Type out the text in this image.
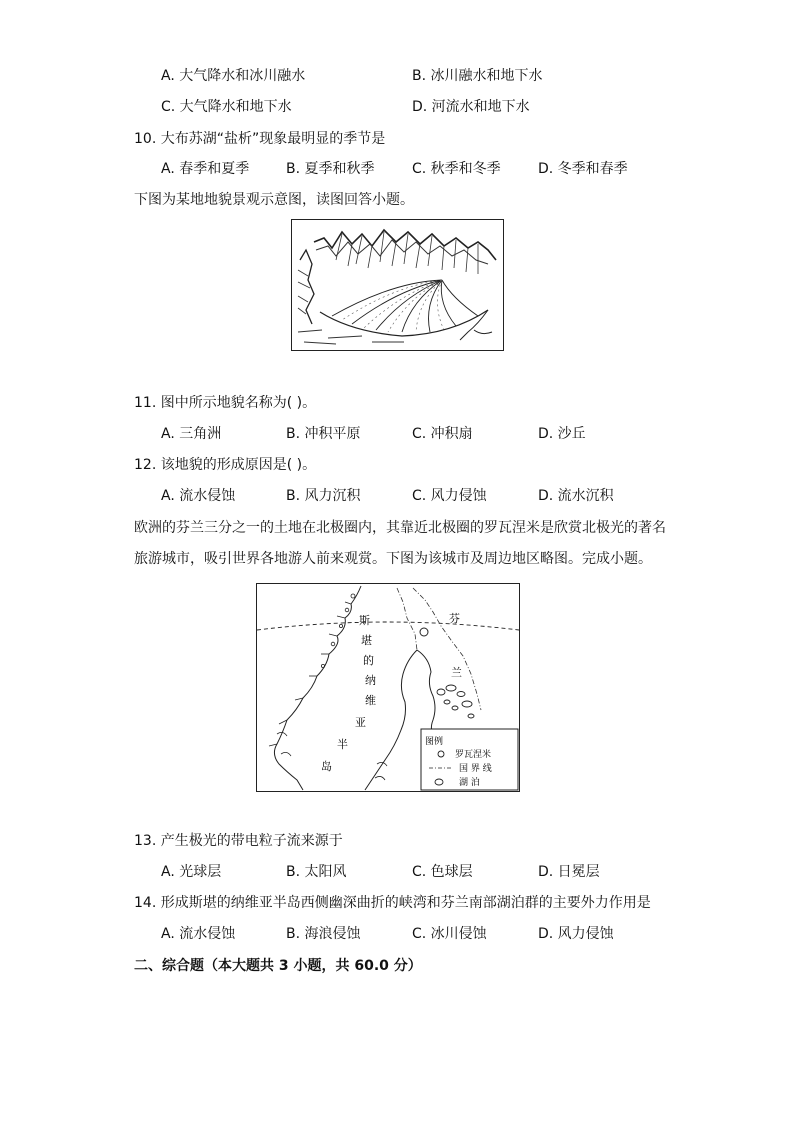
A. 大气降水和冰川融水	B. 冰川融水和地下水
C. 大气降水和地下水	D. 河流水和地下水
10. 大布苏湖“盐析”现象最明显的季节是
A. 春季和夏季	B. 夏季和秋季	C. 秋季和冬季	D. 冬季和春季
下图为某地地貌景观示意图，读图回答小题。
11. 图中所示地貌名称为( )。
A. 三角洲	B. 冲积平原	C. 冲积扇	D. 沙丘
12. 该地貌的形成原因是( )。
A. 流水侵蚀	B. 风力沉积	C. 风力侵蚀	D. 流水沉积
欧洲的芬兰三分之一的土地在北极圈内，其靠近北极圈的罗瓦涅米是欣赏北极光的著名
旅游城市，吸引世界各地游人前来观赏。下图为该城市及周边地区略图。完成小题。
斯
堪
的
纳
维
亚
半
岛
芬
兰
图例
罗瓦涅米
国 界 线
湖 泊
13. 产生极光的带电粒子流来源于
A. 光球层	B. 太阳风	C. 色球层	D. 日冕层
14. 形成斯堪的纳维亚半岛西侧幽深曲折的峡湾和芬兰南部湖泊群的主要外力作用是
A. 流水侵蚀	B. 海浪侵蚀	C. 冰川侵蚀	D. 风力侵蚀
二、综合题（本大题共 3 小题，共 60.0 分）
